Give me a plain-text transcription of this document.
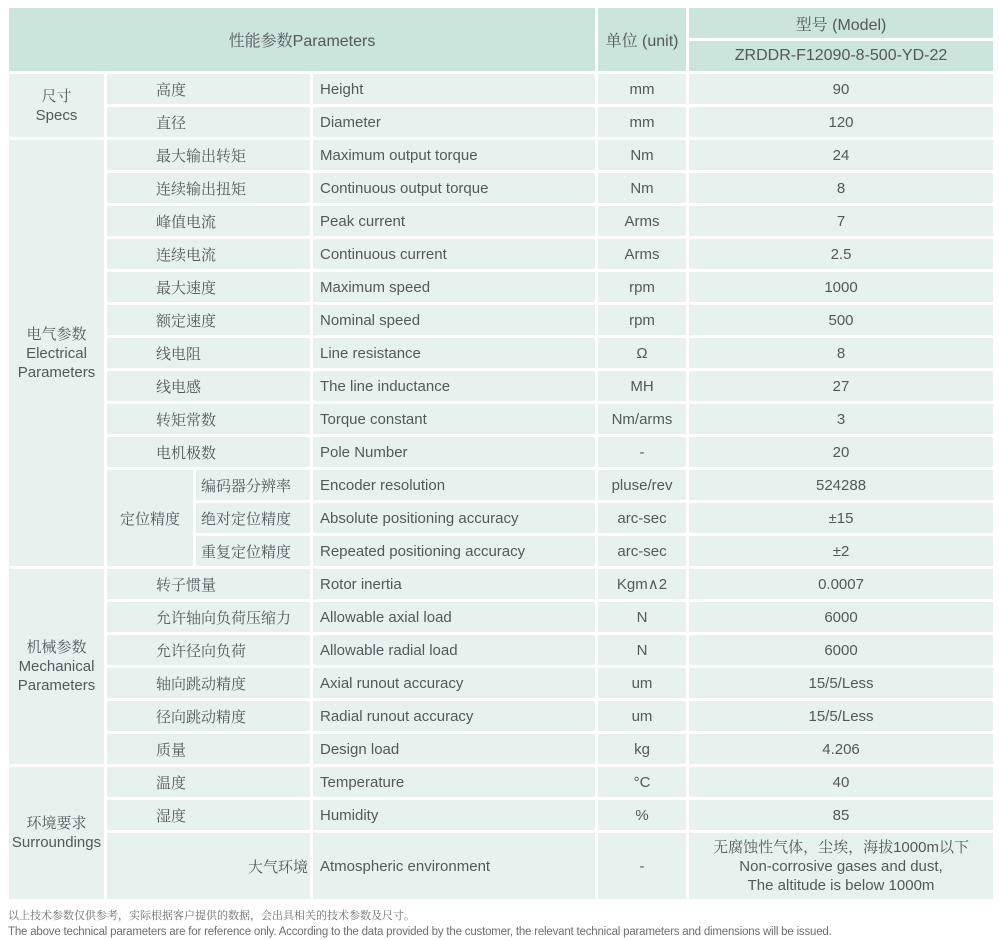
性能参数Parameters				单位 (unit)	型号 (Model)
					ZRDDR-F12090-8-500-YD-22

尺寸
Specs	高度		Height	mm	90
	直径		Diameter	mm	120

电气参数
Electrical Parameters	最大输出转矩		Maximum output torque	Nm	24
	连续输出扭矩		Continuous output torque	Nm	8
	峰值电流		Peak current	Arms	7
	连续电流		Continuous current	Arms	2.5
	最大速度		Maximum speed	rpm	1000
	额定速度		Nominal speed	rpm	500
	线电阻		Line resistance	Ω	8
	线电感		The line inductance	MH	27
	转矩常数		Torque constant	Nm/arms	3
	电机极数		Pole Number	-	20
	定位精度	编码器分辨率	Encoder resolution	pluse/rev	524288
		绝对定位精度	Absolute positioning accuracy	arc-sec	±15
		重复定位精度	Repeated positioning accuracy	arc-sec	±2

机械参数
Mechanical Parameters	转子惯量		Rotor inertia	Kgm∧2	0.0007
	允许轴向负荷压缩力		Allowable axial load	N	6000
	允许径向负荷		Allowable radial load	N	6000
	轴向跳动精度		Axial runout accuracy	um	15/5/Less
	径向跳动精度		Radial runout accuracy	um	15/5/Less
	质量		Design load	kg	4.206

环境要求
Surroundings	温度		Temperature	°C	40
	湿度		Humidity	%	85
	大气环境		Atmospheric environment	-	无腐蚀性气体，尘埃，海拔1000m以下
Non-corrosive gases and dust,
The altitude is below 1000m
以上技术参数仅供参考，实际根据客户提供的数据，会出具相关的技术参数及尺寸。
The above technical parameters are for reference only. According to the data provided by the customer, the relevant technical parameters and dimensions will be issued.
